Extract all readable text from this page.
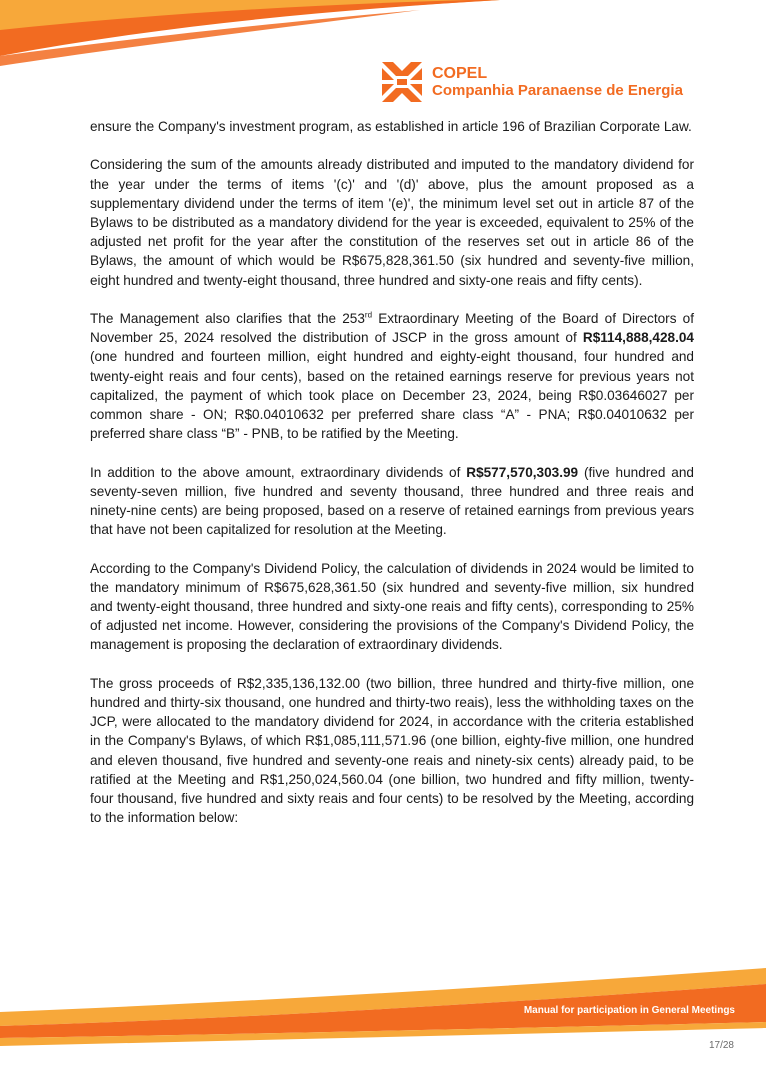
COPEL
Companhia Paranaense de Energia

ensure the Company's investment program, as established in article 196 of Brazilian Corporate Law.

Considering the sum of the amounts already distributed and imputed to the mandatory dividend for the year under the terms of items '(c)' and '(d)' above, plus the amount proposed as a supplementary dividend under the terms of item '(e)', the minimum level set out in article 87 of the Bylaws to be distributed as a mandatory dividend for the year is exceeded, equivalent to 25% of the adjusted net profit for the year after the constitution of the reserves set out in article 86 of the Bylaws, the amount of which would be R$675,828,361.50 (six hundred and seventy-five million, eight hundred and twenty-eight thousand, three hundred and sixty-one reais and fifty cents).

The Management also clarifies that the 253rd Extraordinary Meeting of the Board of Directors of November 25, 2024 resolved the distribution of JSCP in the gross amount of R$114,888,428.04 (one hundred and fourteen million, eight hundred and eighty-eight thousand, four hundred and twenty-eight reais and four cents), based on the retained earnings reserve for previous years not capitalized, the payment of which took place on December 23, 2024, being R$0.03646027 per common share - ON; R$0.04010632 per preferred share class “A” - PNA; R$0.04010632 per preferred share class “B” - PNB, to be ratified by the Meeting.

In addition to the above amount, extraordinary dividends of R$577,570,303.99 (five hundred and seventy-seven million, five hundred and seventy thousand, three hundred and three reais and ninety-nine cents) are being proposed, based on a reserve of retained earnings from previous years that have not been capitalized for resolution at the Meeting.

According to the Company's Dividend Policy, the calculation of dividends in 2024 would be limited to the mandatory minimum of R$675,628,361.50 (six hundred and seventy-five million, six hundred and twenty-eight thousand, three hundred and sixty-one reais and fifty cents), corresponding to 25% of adjusted net income. However, considering the provisions of the Company's Dividend Policy, the management is proposing the declaration of extraordinary dividends.

The gross proceeds of R$2,335,136,132.00 (two billion, three hundred and thirty-five million, one hundred and thirty-six thousand, one hundred and thirty-two reais), less the withholding taxes on the JCP, were allocated to the mandatory dividend for 2024, in accordance with the criteria established in the Company's Bylaws, of which R$1,085,111,571.96 (one billion, eighty-five million, one hundred and eleven thousand, five hundred and seventy-one reais and ninety-six cents) already paid, to be ratified at the Meeting and R$1,250,024,560.04 (one billion, two hundred and fifty million, twenty-four thousand, five hundred and sixty reais and four cents) to be resolved by the Meeting, according to the information below:

Manual for participation in General Meetings
17/28
